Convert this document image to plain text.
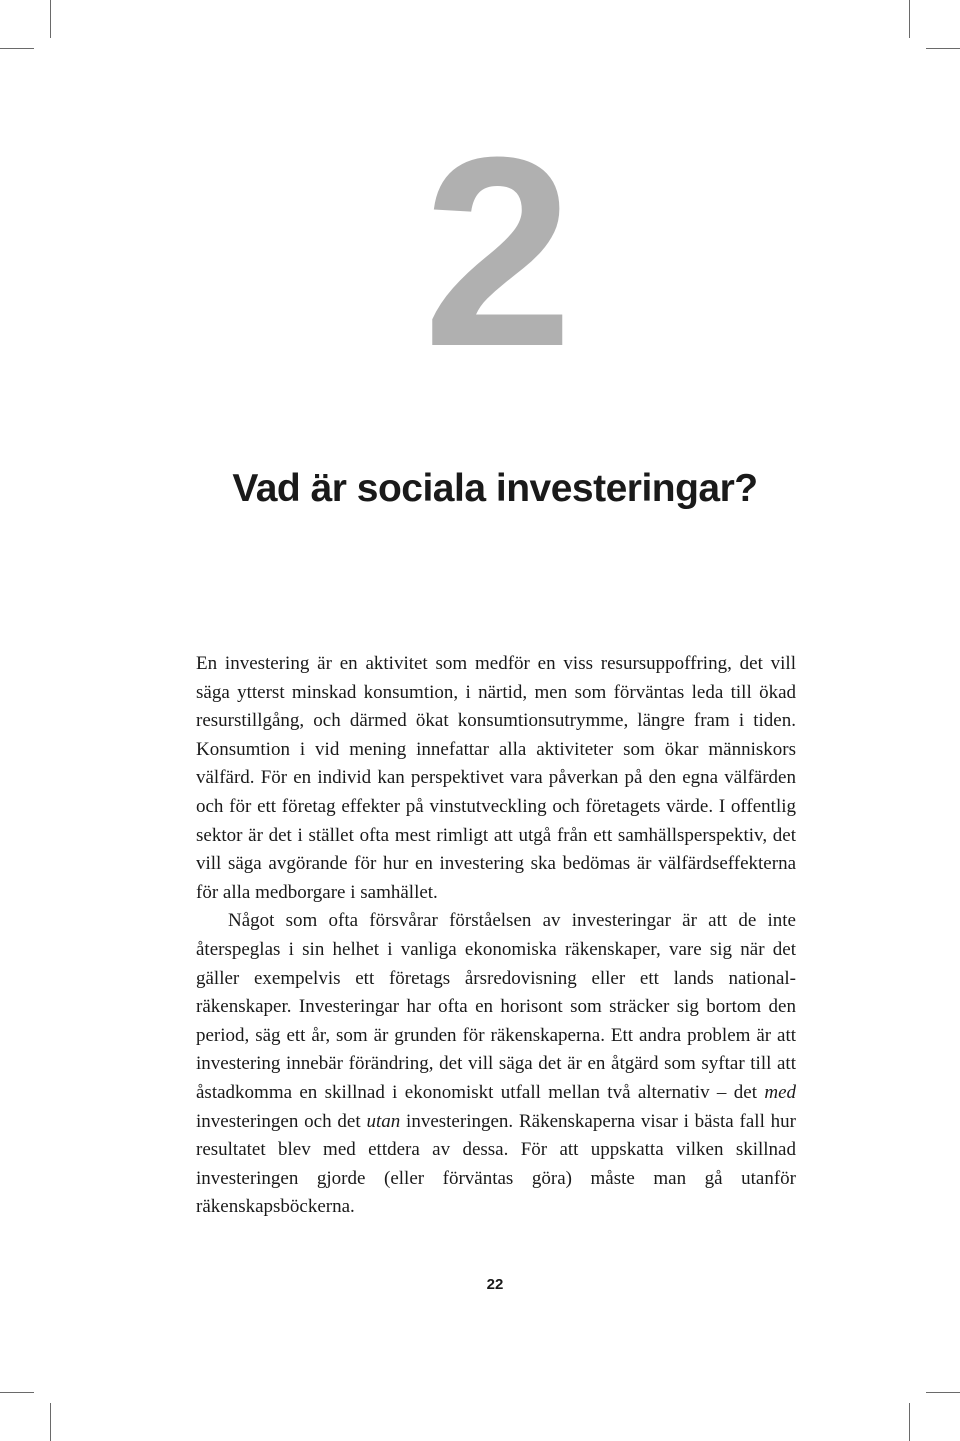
2
Vad är sociala investeringar?

En investering är en aktivitet som medför en viss resursuppoffring, det vill säga ytterst minskad konsumtion, i närtid, men som förväntas leda till ökad resurstillgång, och därmed ökat konsumtionsutrymme, längre fram i tiden. Konsumtion i vid mening innefattar alla aktiviteter som ökar människors välfärd. För en individ kan perspektivet vara påverkan på den egna välfärden och för ett företag effekter på vinstutveckling och företagets värde. I offentlig sektor är det i stället ofta mest rimligt att utgå från ett samhällsperspektiv, det vill säga avgörande för hur en investering ska bedömas är välfärdseffekterna för alla medborgare i samhället.

Något som ofta försvårar förståelsen av investeringar är att de inte återspeglas i sin helhet i vanliga ekonomiska räkenskaper, vare sig när det gäller exempelvis ett företags årsredovisning eller ett lands nationalräkenskaper. Investeringar har ofta en horisont som sträcker sig bortom den period, säg ett år, som är grunden för räkenskaperna. Ett andra problem är att investering innebär förändring, det vill säga det är en åtgärd som syftar till att åstadkomma en skillnad i ekonomiskt utfall mellan två alternativ – det med investeringen och det utan investeringen. Räkenskaperna visar i bästa fall hur resultatet blev med ettdera av dessa. För att uppskatta vilken skillnad investeringen gjorde (eller förväntas göra) måste man gå utanför räkenskapsböckerna.

22
